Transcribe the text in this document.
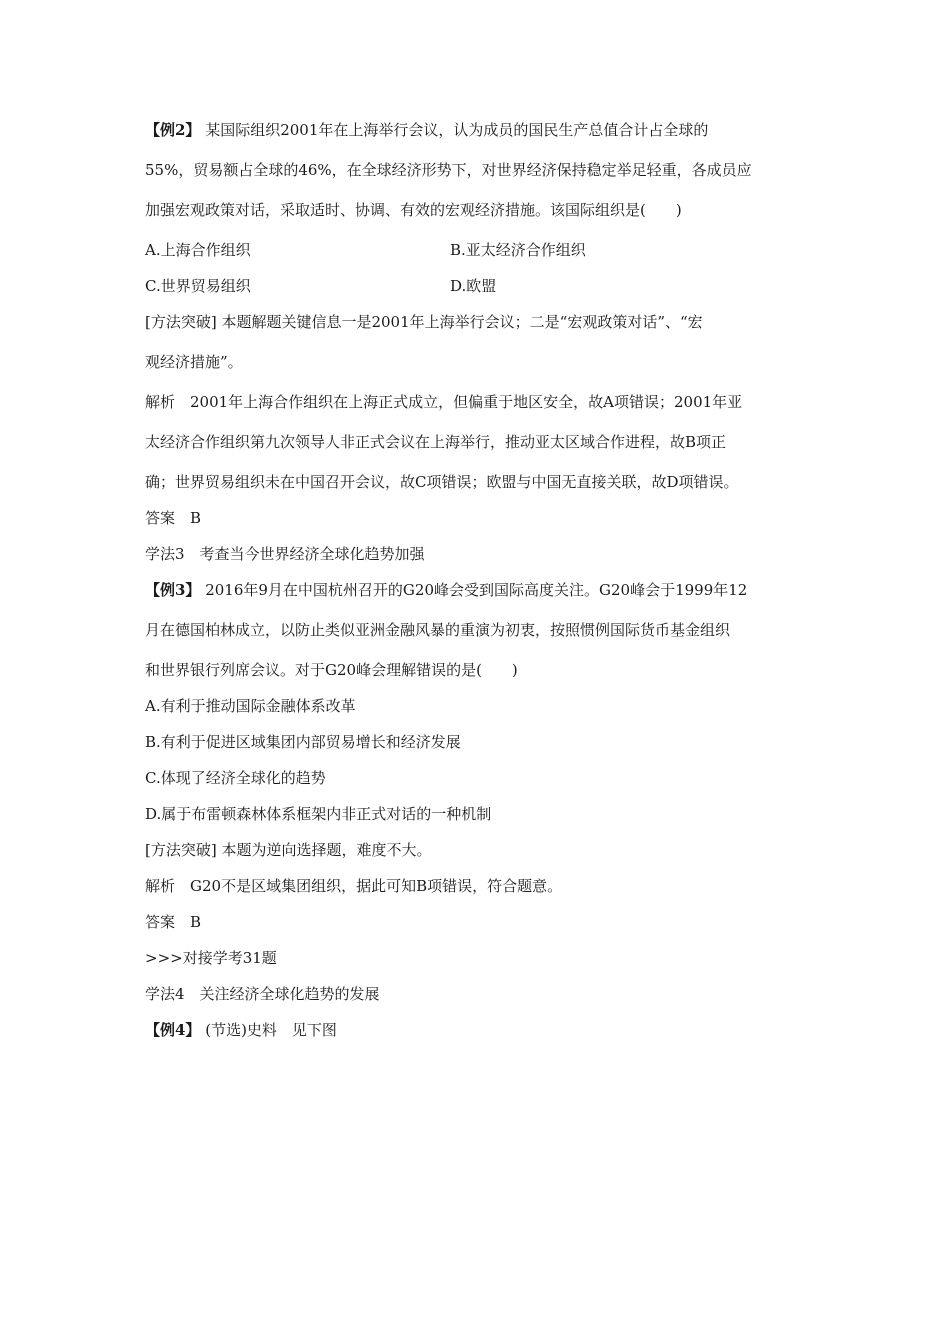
【例2】 某国际组织2001年在上海举行会议，认为成员的国民生产总值合计占全球的
55%，贸易额占全球的46%，在全球经济形势下，对世界经济保持稳定举足轻重，各成员应
加强宏观政策对话，采取适时、协调、有效的宏观经济措施。该国际组织是(　　)
A.上海合作组织	B.亚太经济合作组织
C.世界贸易组织	D.欧盟
[方法突破] 本题解题关键信息一是2001年上海举行会议；二是“宏观政策对话”、“宏
观经济措施”。
解析　2001年上海合作组织在上海正式成立，但偏重于地区安全，故A项错误；2001年亚
太经济合作组织第九次领导人非正式会议在上海举行，推动亚太区域合作进程，故B项正
确；世界贸易组织未在中国召开会议，故C项错误；欧盟与中国无直接关联，故D项错误。
答案　B
学法3　考查当今世界经济全球化趋势加强
【例3】 2016年9月在中国杭州召开的G20峰会受到国际高度关注。G20峰会于1999年12
月在德国柏林成立，以防止类似亚洲金融风暴的重演为初衷，按照惯例国际货币基金组织
和世界银行列席会议。对于G20峰会理解错误的是(　　)
A.有利于推动国际金融体系改革
B.有利于促进区域集团内部贸易增长和经济发展
C.体现了经济全球化的趋势
D.属于布雷顿森林体系框架内非正式对话的一种机制
[方法突破] 本题为逆向选择题，难度不大。
解析　G20不是区域集团组织，据此可知B项错误，符合题意。
答案　B
>>>对接学考31题
学法4　关注经济全球化趋势的发展
【例4】 (节选)史料　见下图
